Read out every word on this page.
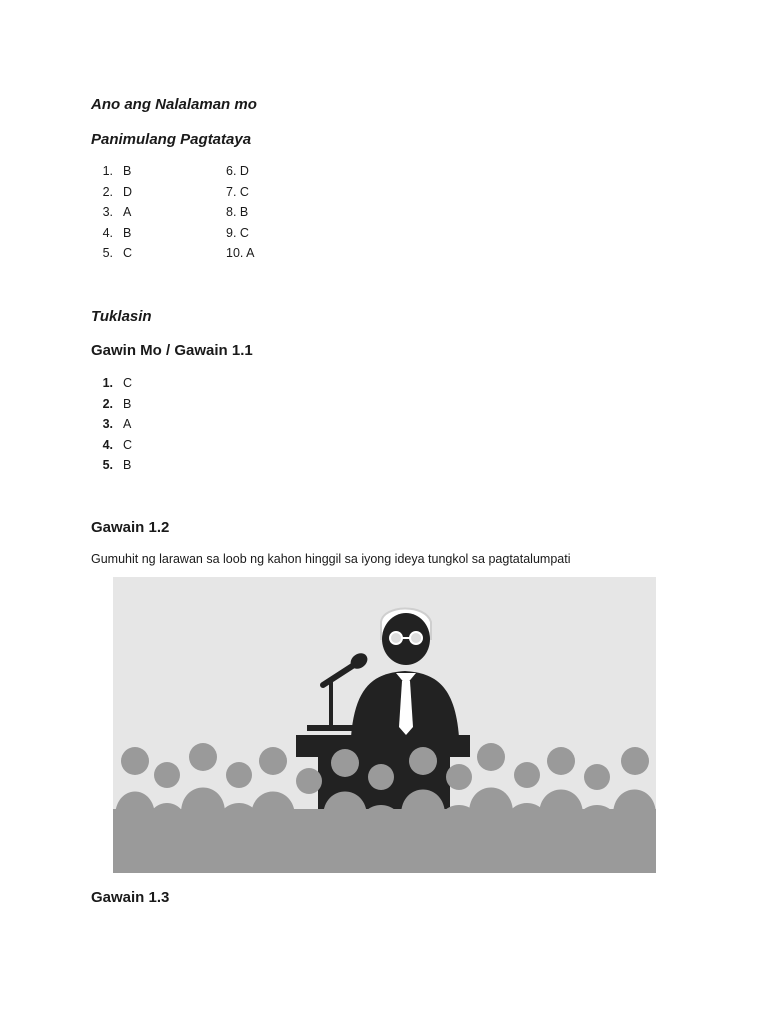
Ano ang Nalalaman mo
Panimulang Pagtataya
1. B
2. D
3. A
4. B
5. C
6. D
7. C
8. B
9. C
10. A
Tuklasin
Gawin Mo / Gawain 1.1
1. C
2. B
3. A
4. C
5. B
Gawain 1.2

Gumuhit ng larawan sa loob ng kahon hinggil sa iyong ideya tungkol sa pagtatalumpati

Gawain 1.3
